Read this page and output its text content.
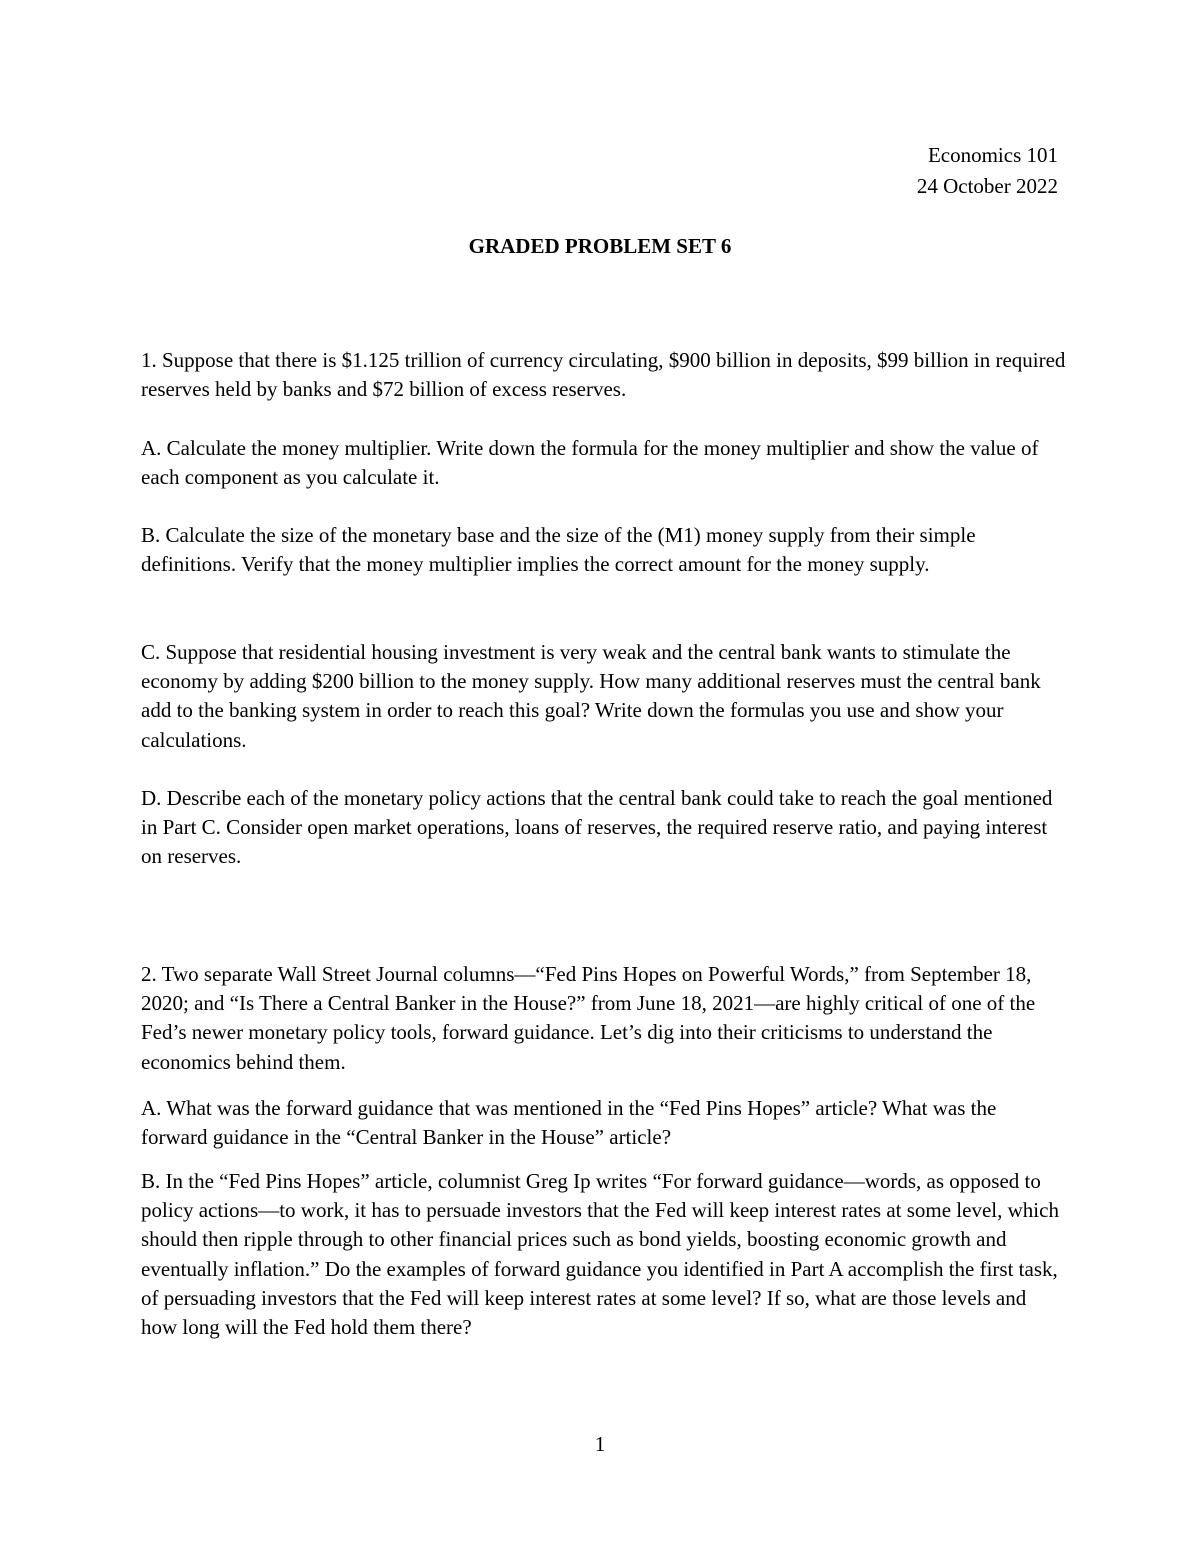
Economics 101
24 October 2022
GRADED PROBLEM SET 6

1. Suppose that there is $1.125 trillion of currency circulating, $900 billion in deposits, $99 billion in required reserves held by banks and $72 billion of excess reserves.

A. Calculate the money multiplier. Write down the formula for the money multiplier and show the value of each component as you calculate it.

B. Calculate the size of the monetary base and the size of the (M1) money supply from their simple definitions. Verify that the money multiplier implies the correct amount for the money supply.

C. Suppose that residential housing investment is very weak and the central bank wants to stimulate the economy by adding $200 billion to the money supply. How many additional reserves must the central bank add to the banking system in order to reach this goal? Write down the formulas you use and show your calculations.

D. Describe each of the monetary policy actions that the central bank could take to reach the goal mentioned in Part C. Consider open market operations, loans of reserves, the required reserve ratio, and paying interest on reserves.

2. Two separate Wall Street Journal columns—“Fed Pins Hopes on Powerful Words,” from September 18, 2020; and “Is There a Central Banker in the House?” from June 18, 2021—are highly critical of one of the Fed’s newer monetary policy tools, forward guidance. Let’s dig into their criticisms to understand the economics behind them.

A. What was the forward guidance that was mentioned in the “Fed Pins Hopes” article? What was the forward guidance in the “Central Banker in the House” article?

B. In the “Fed Pins Hopes” article, columnist Greg Ip writes “For forward guidance—words, as opposed to policy actions—to work, it has to persuade investors that the Fed will keep interest rates at some level, which should then ripple through to other financial prices such as bond yields, boosting economic growth and eventually inflation.” Do the examples of forward guidance you identified in Part A accomplish the first task, of persuading investors that the Fed will keep interest rates at some level? If so, what are those levels and how long will the Fed hold them there?

1
